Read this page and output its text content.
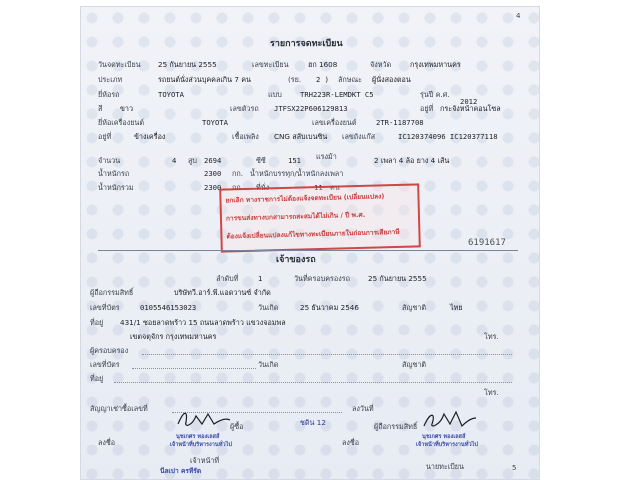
4
รายการจดทะเบียน
วันจดทะเบียน 25 กันยายน 2555	เลขทะเบียน	ฮก 1608	จังหวัด	กรุงเทพมหานคร
ประเภท	รถยนต์นั่งส่วนบุคคลเกิน 7 คน	(รย. 2 ) ลักษณะ ผู้นั่งสองตอน
ยี่ห้อรถ	TOYOTA	แบบ	TRH223R-LEMDKT C5	รุ่นปี ค.ศ.
2012
สี ขาว	เลขตัวรถ JTFSX22P606129813	อยู่ที่ กระจังหน้าคอนโซล
ยี่ห้อเครื่องยนต์	TOYOTA	เลขเครื่องยนต์	2TR-1187708
อยู่ที่	ข้างเครื่อง	เชื้อเพลิง CNG สลับเบนซิน เลขถังแก๊ส	IC120374096 IC120377118
จำนวน	4 สูบ 2694	ซีซี	151 แรงม้า	2 เพลา 4 ล้อ ยาง 4 เส้น
น้ำหนักรถ	2300 กก. น้ำหนักบรรทุก/น้ำหนักลงเพลา
น้ำหนักรวม	2300 กก. ที่นั่ง	11 คน
ยกเลิก ทางราชการไม่ต้องแจ้งจดทะเบียน (เปลี่ยนแปลง)
การขนส่งทางบกสามารถสะสมได้ไม่เกิน / ปี พ.ศ.
ต้องแจ้งเปลี่ยนแปลงแก้ไขทางทะเบียนภายในก่อนการเสียภาษี
6191617
เจ้าของรถ
ลำดับที่	1	วันที่ครอบครองรถ	25 กันยายน 2555
ผู้ถือกรรมสิทธิ์	บริษัทวี.อาร์.พี.แอดวานซ์ จำกัด
เลขที่บัตร	0105546153023	วันเกิด	25 ธันวาคม 2546	สัญชาติ	ไทย
ที่อยู่ 431/1 ซอยลาดพร้าว 15 ถนนลาดพร้าว แขวงจอมพล
เขตจตุจักร กรุงเทพมหานคร	โทร.
ผู้ครอบครอง
เลขที่บัตร	วันเกิด	สัญชาติ
ที่อยู่
โทร.
สัญญาเช่าซื้อเลขที่	ลงวันที่
ชดิน 12
ผู้ซื้อ	ผู้ถือกรรมสิทธิ์
ลงชื่อ
นุชเกศร ทองเลสส์
เจ้าหน้าที่บริหารงานทั่วไป	ลงชื่อ
นุชเกศร ทองเลสส์
เจ้าหน้าที่บริหารงานทั่วไป
เจ้าหน้าที่
นายทะเบียน
นีลเปา ครทีรัด	5
